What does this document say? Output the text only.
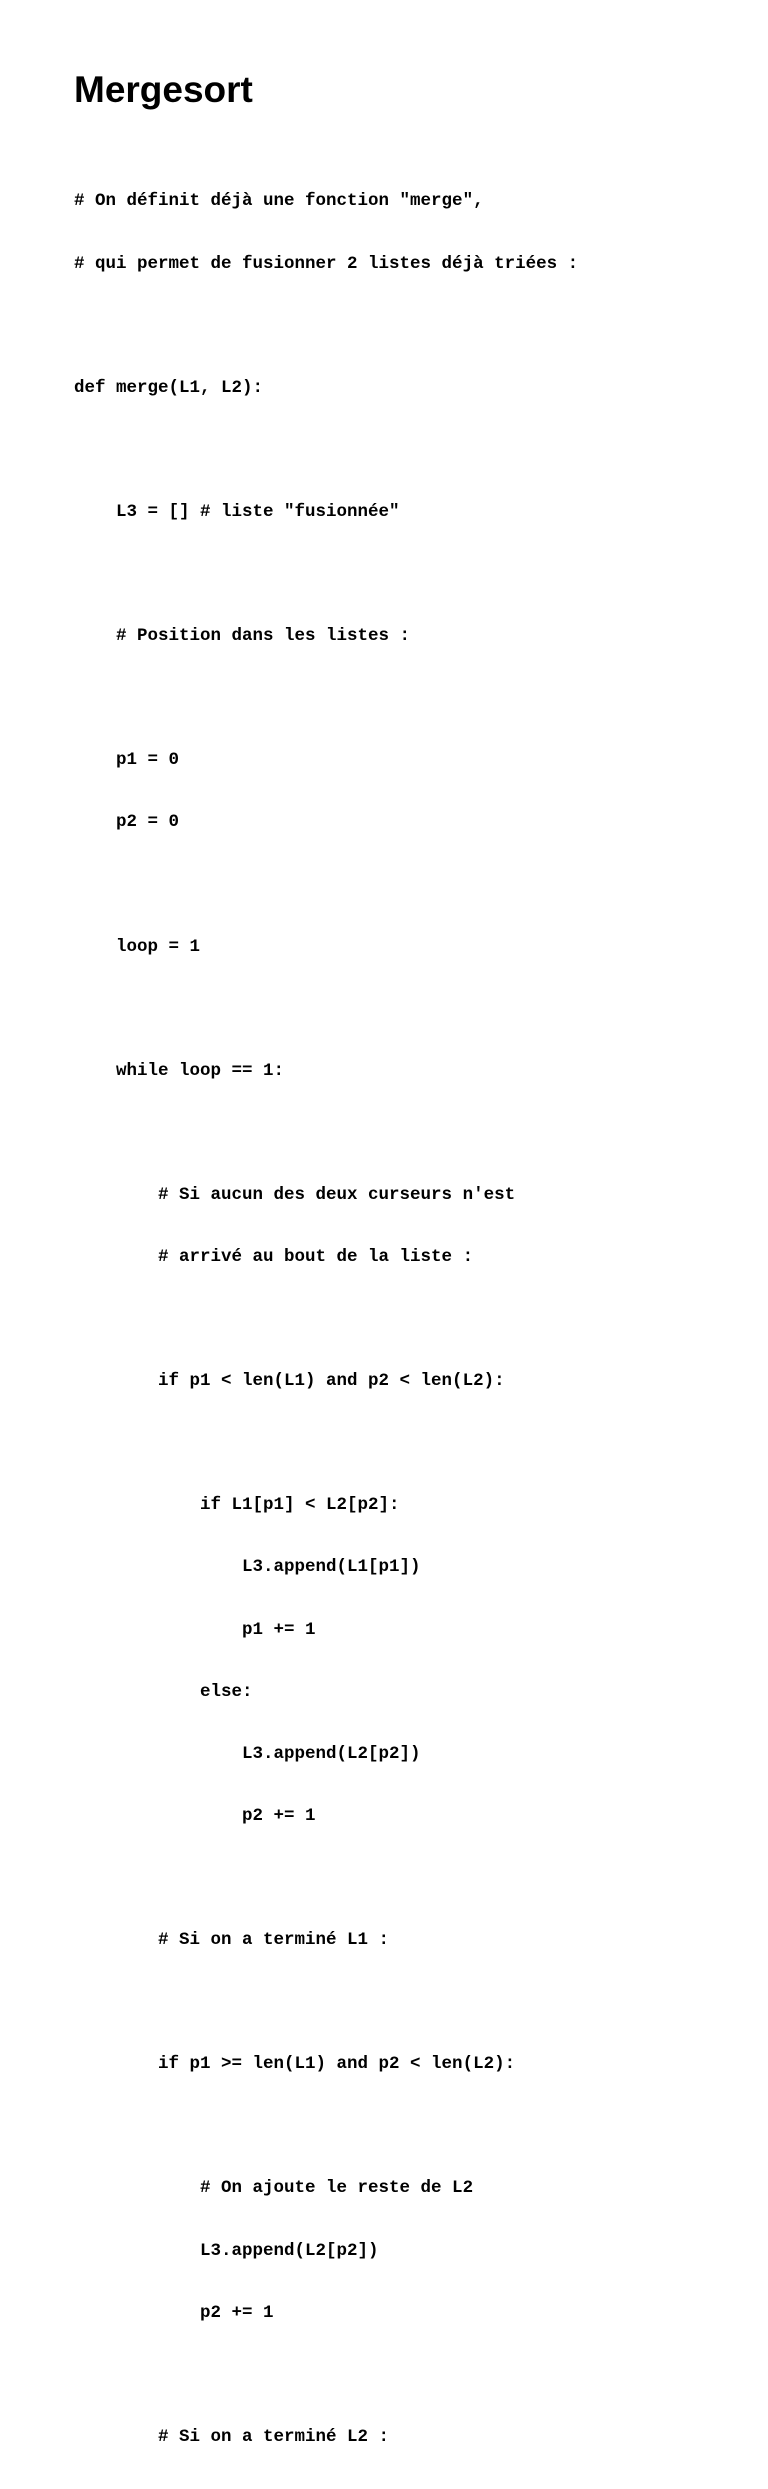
Mergesort

# On définit déjà une fonction "merge",

# qui permet de fusionner 2 listes déjà triées :

def merge(L1, L2):

L3 = [] # liste "fusionnée"

# Position dans les listes :

p1 = 0

p2 = 0

loop = 1

while loop == 1:

# Si aucun des deux curseurs n'est

# arrivé au bout de la liste :

if p1 < len(L1) and p2 < len(L2):

if L1[p1] < L2[p2]:

L3.append(L1[p1])

p1 += 1

else:

L3.append(L2[p2])

p2 += 1

# Si on a terminé L1 :

if p1 >= len(L1) and p2 < len(L2):

# On ajoute le reste de L2

L3.append(L2[p2])

p2 += 1

# Si on a terminé L2 :
